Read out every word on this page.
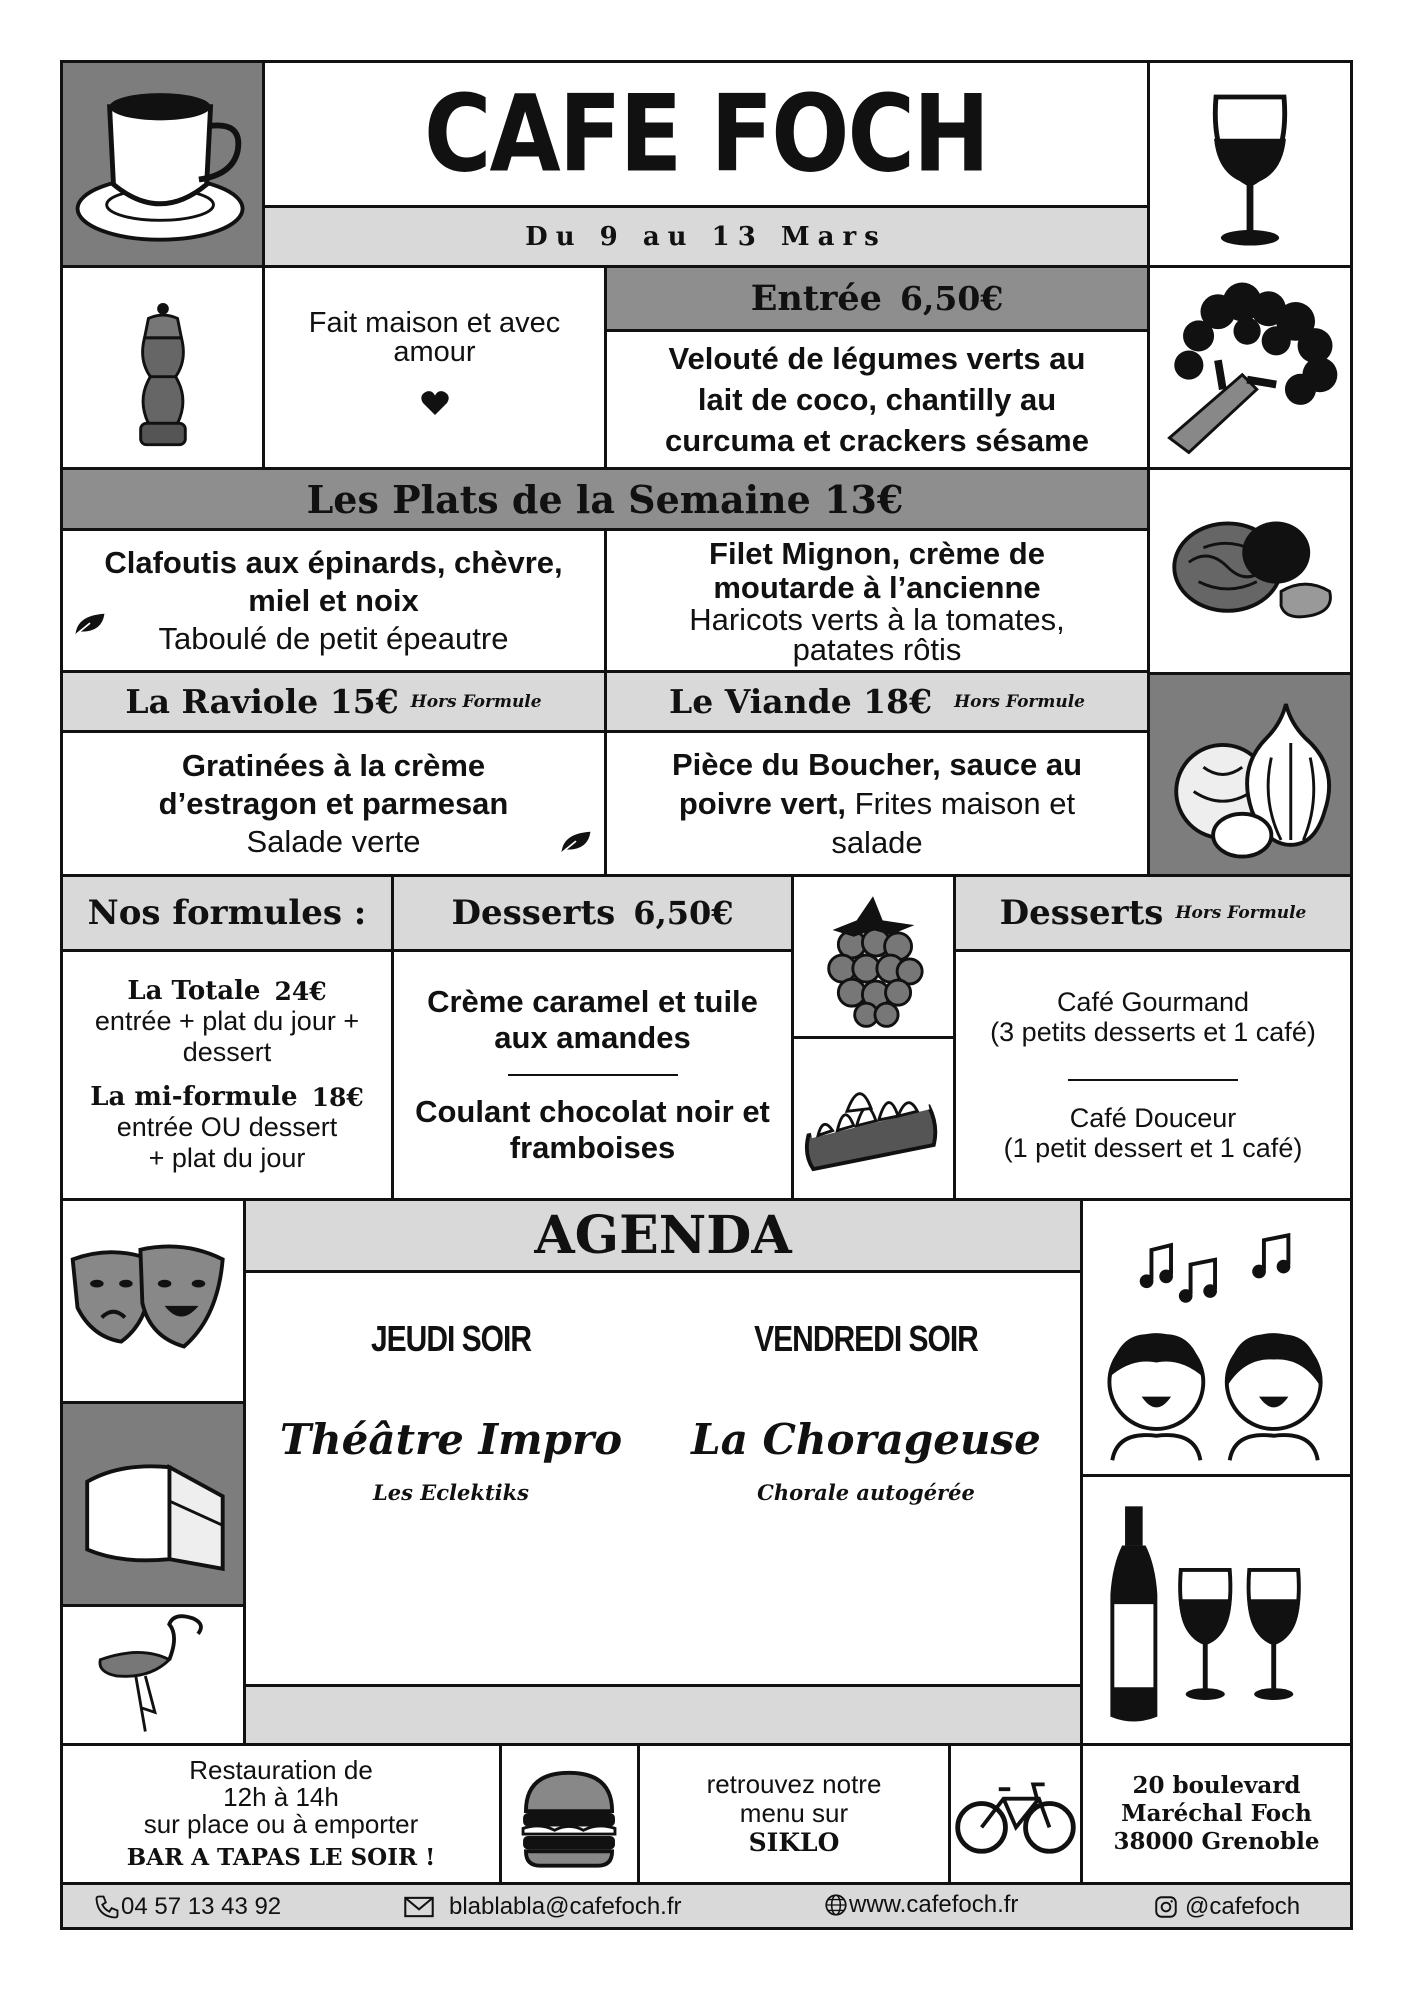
CAFE FOCH
Du 9 au 13 Mars
Fait maison et avec amour
Entrée 6,50€
Velouté de légumes verts au lait de coco, chantilly au curcuma et crackers sésame
Les Plats de la Semaine 13€
Clafoutis aux épinards, chèvre, miel et noix
Taboulé de petit épeautre
Filet Mignon, crème de moutarde à l’ancienne
Haricots verts à la tomates, patates rôtis
La Raviole 15€ Hors Formule	Le Viande 18€ Hors Formule
Gratinées à la crème
d’estragon et parmesan
Salade verte
Pièce du Boucher, sauce au poivre vert, Frites maison et salade
Nos formules :	Desserts 6,50€	Desserts Hors Formule
La Totale 24€
entrée + plat du jour + dessert
La mi-formule 18€
entrée OU dessert
+ plat du jour
Crème caramel et tuile aux amandes
Coulant chocolat noir et framboises
Café Gourmand
(3 petits desserts et 1 café)
Café Douceur
(1 petit dessert et 1 café)
AGENDA
JEUDI SOIR
Théâtre Impro
Les Eclektiks
VENDREDI SOIR
La Chorageuse
Chorale autogérée
Restauration de
12h à 14h
sur place ou à emporter
BAR A TAPAS LE SOIR !
retrouvez notre
menu sur
SIKLO
20 boulevard
Maréchal Foch
38000 Grenoble
04 57 13 43 92	blablabla@cafefoch.fr	www.cafefoch.fr	@cafefoch
